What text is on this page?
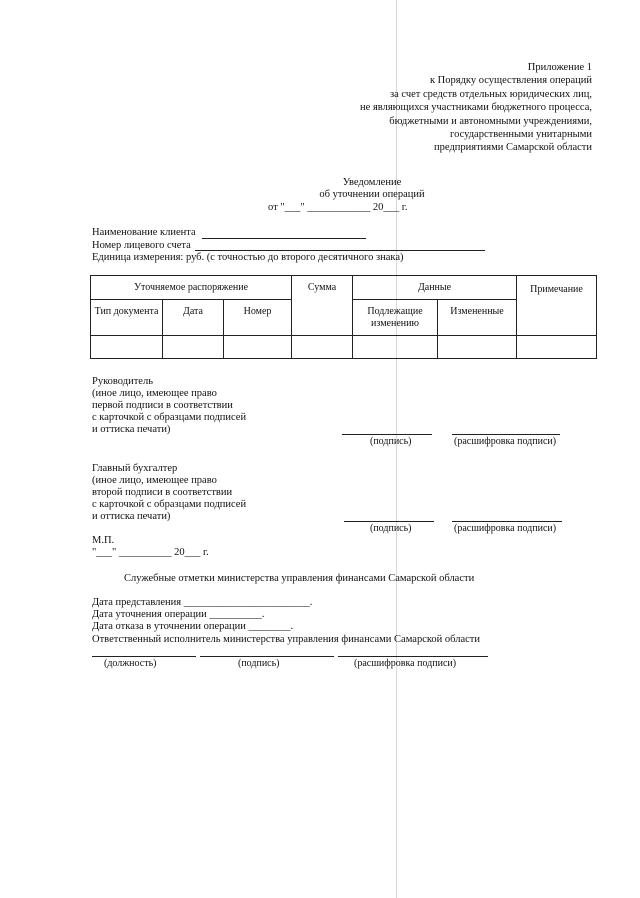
Приложение 1
к Порядку осуществления операций
за счет средств отдельных юридических лиц,
не являющихся участниками бюджетного процесса,
бюджетными и автономными учреждениями,
государственными унитарными
предприятиями Самарской области
Уведомление
об уточнении операций
от "___" ____________ 20___ г.
Наименование клиента
Номер лицевого счета
Единица измерения: руб. (с точностью до второго десятичного знака)
Уточняемое распоряжение			Сумма	Данные		Примечание
Тип документа	Дата	Номер		Подлежащие изменению	Измененные	

Руководитель
(иное лицо, имеющее право
первой подписи в соответствии
с карточкой с образцами подписей
и оттиска печати)
(подпись)	(расшифровка подписи)
Главный бухгалтер
(иное лицо, имеющее право
второй подписи в соответствии
с карточкой с образцами подписей
и оттиска печати)
(подпись)	(расшифровка подписи)
М.П.
"___" __________ 20___ г.
Служебные отметки министерства управления финансами Самарской области
Дата представления ________________________.
Дата уточнения операции __________.
Дата отказа в уточнении операции ________.
Ответственный исполнитель министерства управления финансами Самарской области
(должность)	(подпись)	(расшифровка подписи)
